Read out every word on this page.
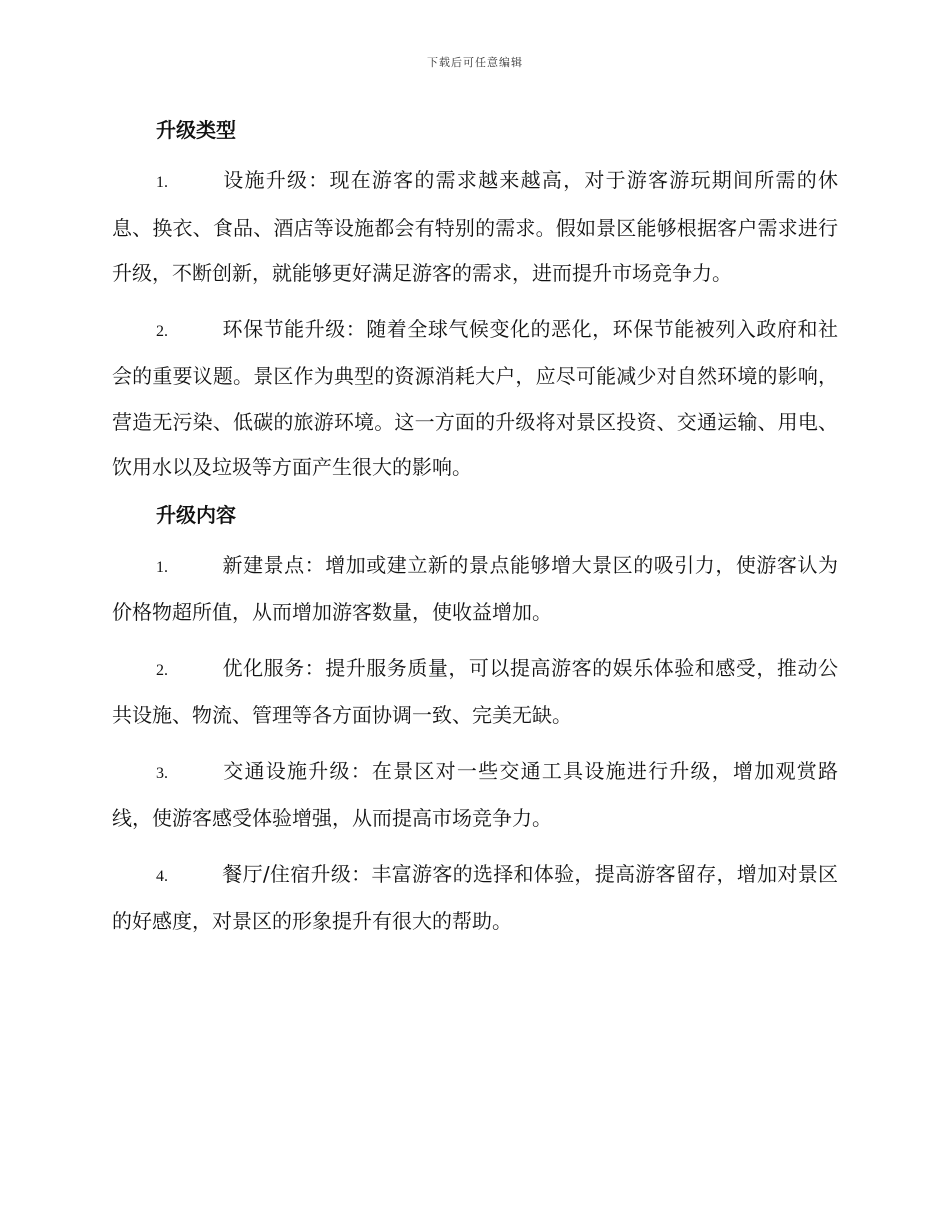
下载后可任意编辑
升级类型

1.	设施升级：现在游客的需求越来越高，对于游客游玩期间所需的休息、换衣、食品、酒店等设施都会有特别的需求。假如景区能够根据客户需求进行升级，不断创新，就能够更好满足游客的需求，进而提升市场竞争力。

2.	环保节能升级：随着全球气候变化的恶化，环保节能被列入政府和社会的重要议题。景区作为典型的资源消耗大户，应尽可能减少对自然环境的影响，营造无污染、低碳的旅游环境。这一方面的升级将对景区投资、交通运输、用电、饮用水以及垃圾等方面产生很大的影响。

升级内容

1.	新建景点：增加或建立新的景点能够增大景区的吸引力，使游客认为价格物超所值，从而增加游客数量，使收益增加。

2.	优化服务：提升服务质量，可以提高游客的娱乐体验和感受，推动公共设施、物流、管理等各方面协调一致、完美无缺。

3.	交通设施升级：在景区对一些交通工具设施进行升级，增加观赏路线，使游客感受体验增强，从而提高市场竞争力。

4.	餐厅/住宿升级：丰富游客的选择和体验，提高游客留存，增加对景区的好感度，对景区的形象提升有很大的帮助。
